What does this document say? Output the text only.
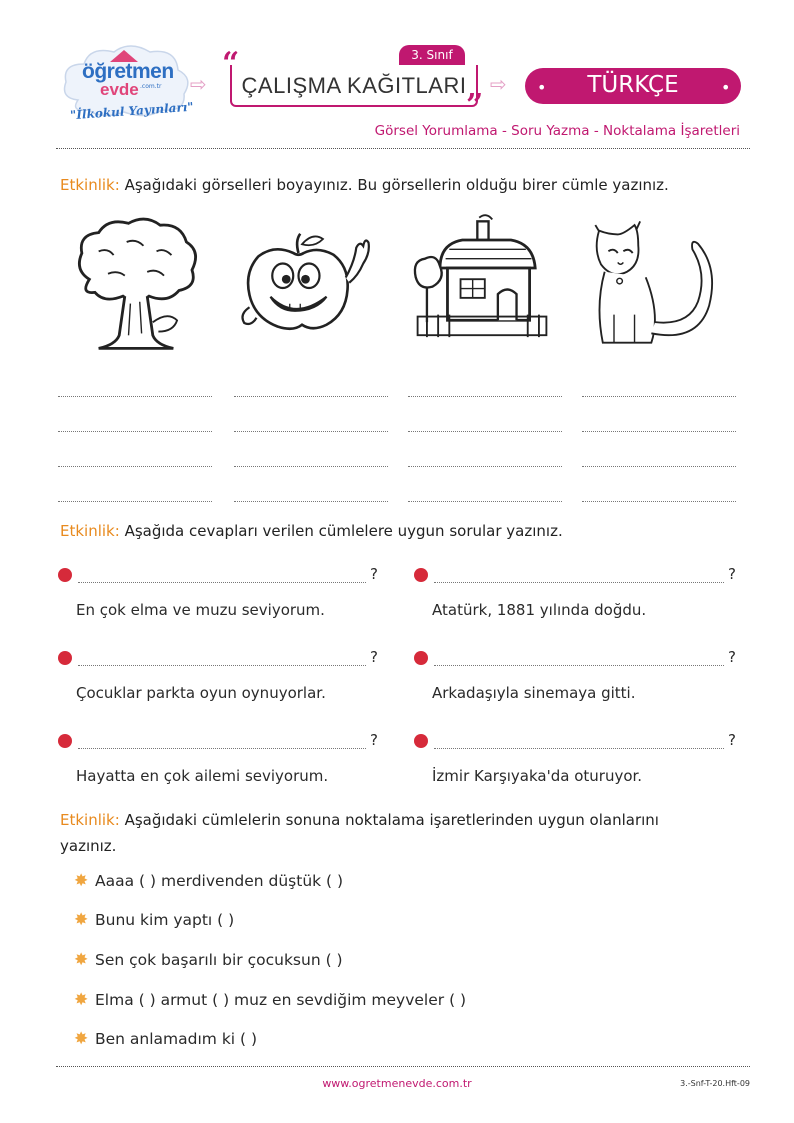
öğretmen
evde .com.tr
"İlkokul Yayınları"
⇨
3. Sınıf
“
ÇALIŞMA KAĞITLARI
”
⇨ •	TÜRKÇE	•
Görsel Yorumlama - Soru Yazma - Noktalama İşaretleri
Etkinlik: Aşağıdaki görselleri boyayınız. Bu görsellerin olduğu birer cümle yazınız.
Etkinlik: Aşağıda cevapları verilen cümlelere uygun sorular yazınız.
?	?
En çok elma ve muzu seviyorum.	Atatürk, 1881 yılında doğdu.
?	?
Çocuklar parkta oyun oynuyorlar.	Arkadaşıyla sinemaya gitti.
?	?
Hayatta en çok ailemi seviyorum.	İzmir Karşıyaka'da oturuyor.
Etkinlik: Aşağıdaki cümlelerin sonuna noktalama işaretlerinden uygun olanlarını
yazınız.
✸ Aaaa ( ) merdivenden düştük ( )
✸ Bunu kim yaptı ( )
✸ Sen çok başarılı bir çocuksun ( )
✸ Elma ( ) armut ( ) muz en sevdiğim meyveler ( )
✸ Ben anlamadım ki ( )
www.ogretmenevde.com.tr	3.-Snf-T-20.Hft-09
